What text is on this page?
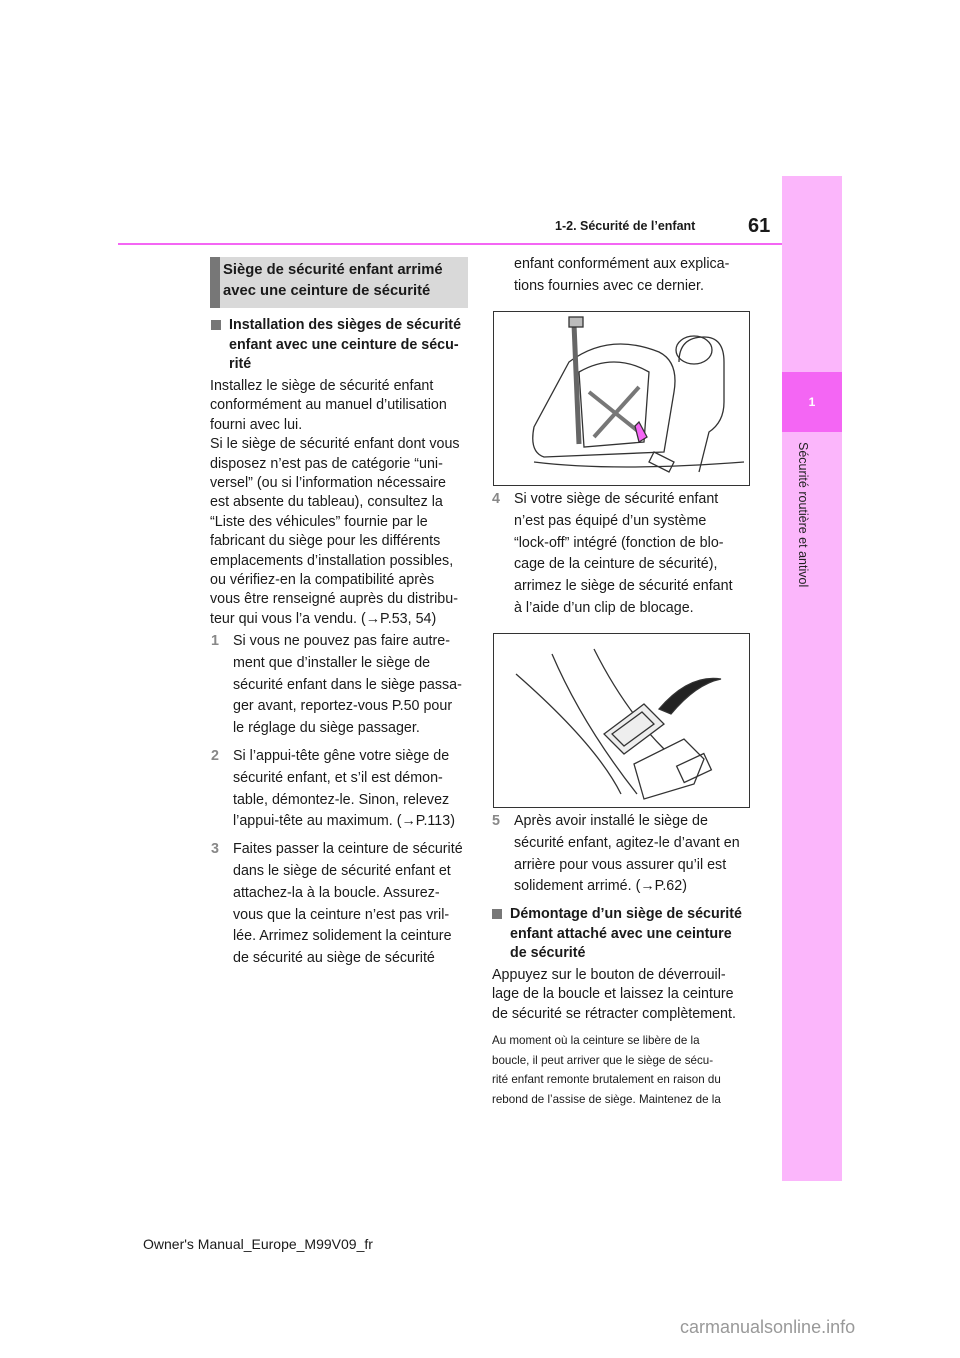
1
Sécurité routière et antivol
1-2. Sécurité de l’enfant	61
Siège de sécurité enfant arrimé
avec une ceinture de sécurité
Installation des sièges de sécurité
enfant avec une ceinture de sécu-
rité
Installez le siège de sécurité enfant
conformément au manuel d’utilisation
fourni avec lui.
Si le siège de sécurité enfant dont vous
disposez n’est pas de catégorie “uni-
versel” (ou si l’information nécessaire
est absente du tableau), consultez la
“Liste des véhicules” fournie par le
fabricant du siège pour les différents
emplacements d’installation possibles,
ou vérifiez-en la compatibilité après
vous être renseigné auprès du distribu-
teur qui vous l’a vendu. (→P.53, 54)
1 Si vous ne pouvez pas faire autre-
ment que d’installer le siège de
sécurité enfant dans le siège passa-
ger avant, reportez-vous P.50 pour
le réglage du siège passager.
2 Si l’appui-tête gêne votre siège de
sécurité enfant, et s’il est démon-
table, démontez-le. Sinon, relevez
l’appui-tête au maximum. (→P.113)
3 Faites passer la ceinture de sécurité
dans le siège de sécurité enfant et
attachez-la à la boucle. Assurez-
vous que la ceinture n’est pas vril-
lée. Arrimez solidement la ceinture
de sécurité au siège de sécurité
enfant conformément aux explica-
tions fournies avec ce dernier.
4 Si votre siège de sécurité enfant
n’est pas équipé d’un système
“lock-off” intégré (fonction de blo-
cage de la ceinture de sécurité),
arrimez le siège de sécurité enfant
à l’aide d’un clip de blocage.
5 Après avoir installé le siège de
sécurité enfant, agitez-le d’avant en
arrière pour vous assurer qu’il est
solidement arrimé. (→P.62)
Démontage d’un siège de sécurité
enfant attaché avec une ceinture
de sécurité
Appuyez sur le bouton de déverrouil-
lage de la boucle et laissez la ceinture
de sécurité se rétracter complètement.
Au moment où la ceinture se libère de la
boucle, il peut arriver que le siège de sécu-
rité enfant remonte brutalement en raison du
rebond de l’assise de siège. Maintenez de la
Owner's Manual_Europe_M99V09_fr
carmanualsonline.info
